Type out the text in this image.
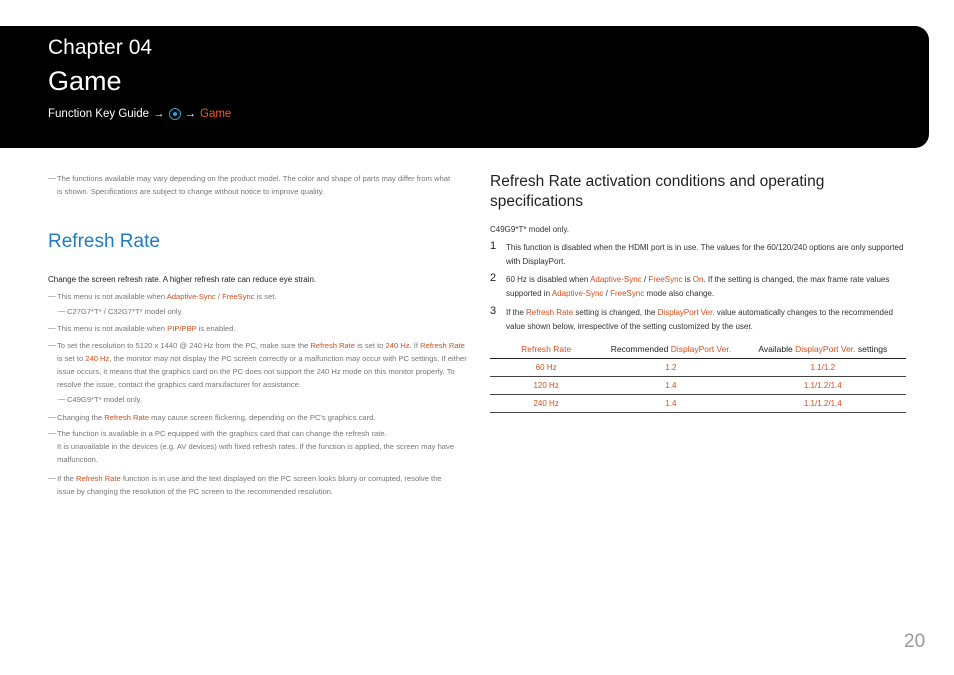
Chapter 04
Game
Function Key Guide → → Game
— The functions available may vary depending on the product model. The color and shape of parts may differ from what is shown. Specifications are subject to change without notice to improve quality.
Refresh Rate
Change the screen refresh rate. A higher refresh rate can reduce eye strain.
— This menu is not available when Adaptive-Sync / FreeSync is set.
— C27G7*T* / C32G7*T* model only.
— This menu is not available when PIP/PBP is enabled.
— To set the resolution to 5120 x 1440 @ 240 Hz from the PC, make sure the Refresh Rate is set to 240 Hz. If Refresh Rate is set to 240 Hz, the monitor may not display the PC screen correctly or a malfunction may occur with PC settings. If either issue occurs, it means that the graphics card on the PC does not support the 240 Hz mode on this monitor properly. To resolve the issue, contact the graphics card manufacturer for assistance.
— C49G9*T* model only.
— Changing the Refresh Rate may cause screen flickering, depending on the PC's graphics card.
— The function is available in a PC equipped with the graphics card that can change the refresh rate.
It is unavailable in the devices (e.g. AV devices) with fixed refresh rates. If the function is applied, the screen may have malfunction.
— If the Refresh Rate function is in use and the text displayed on the PC screen looks blurry or corrupted, resolve the issue by changing the resolution of the PC screen to the recommended resolution.
Refresh Rate activation conditions and operating specifications
C49G9*T* model only.
1 This function is disabled when the HDMI port is in use. The values for the 60/120/240 options are only supported with DisplayPort.
2 60 Hz is disabled when Adaptive-Sync / FreeSync is On. If the setting is changed, the max frame rate values supported in Adaptive-Sync / FreeSync mode also change.
3 If the Refresh Rate setting is changed, the DisplayPort Ver. value automatically changes to the recommended value shown below, irrespective of the setting customized by the user.
Refresh Rate	Recommended DisplayPort Ver.	Available DisplayPort Ver. settings
60 Hz	1.2	1.1/1.2
120 Hz	1.4	1.1/1.2/1.4
240 Hz	1.4	1.1/1.2/1.4
20
